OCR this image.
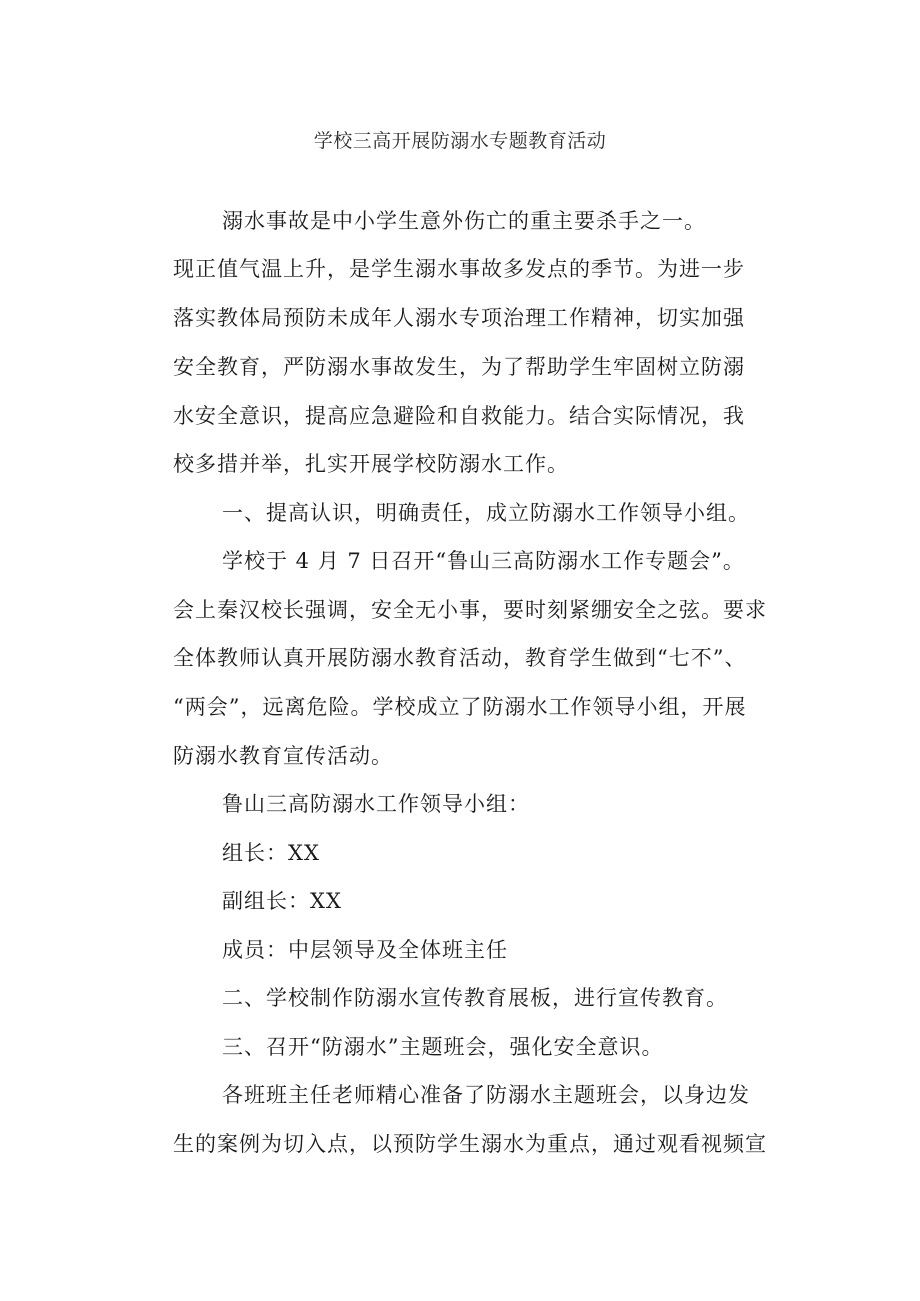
学校三高开展防溺水专题教育活动
溺水事故是中小学生意外伤亡的重主要杀手之一。
现正值气温上升，是学生溺水事故多发点的季节。为进一步
落实教体局预防未成年人溺水专项治理工作精神，切实加强
安全教育，严防溺水事故发生，为了帮助学生牢固树立防溺
水安全意识，提高应急避险和自救能力。结合实际情况，我
校多措并举，扎实开展学校防溺水工作。
一、提高认识，明确责任，成立防溺水工作领导小组。
学校于 4 月 7 日召开“鲁山三高防溺水工作专题会”。
会上秦汉校长强调，安全无小事，要时刻紧绷安全之弦。要求
全体教师认真开展防溺水教育活动，教育学生做到“七不”、
“两会”，远离危险。学校成立了防溺水工作领导小组，开展
防溺水教育宣传活动。
鲁山三高防溺水工作领导小组：
组长：XX
副组长：XX
成员：中层领导及全体班主任
二、学校制作防溺水宣传教育展板，进行宣传教育。
三、召开“防溺水”主题班会，强化安全意识。
各班班主任老师精心准备了防溺水主题班会，以身边发
生的案例为切入点，以预防学生溺水为重点，通过观看视频宣
